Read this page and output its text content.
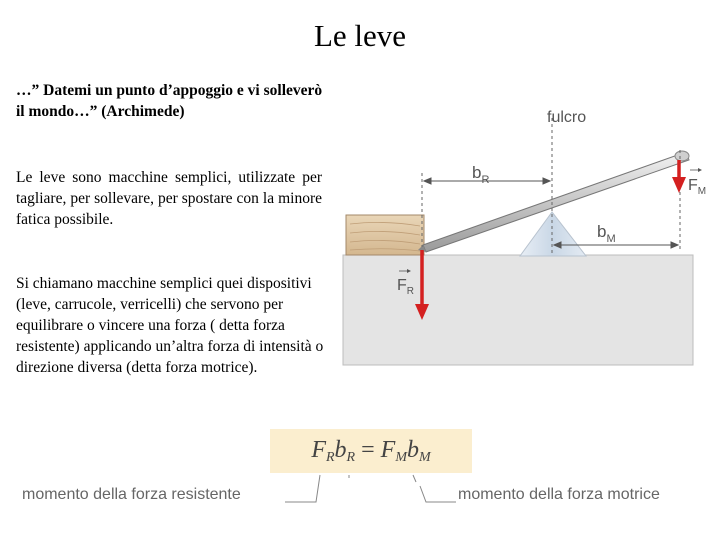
Le leve
…” Datemi un punto d’appoggio e vi solleverò il mondo…” (Archimede)
Le leve sono macchine semplici, utilizzate per tagliare, per sollevare, per spostare con la minore fatica possibile.
Si chiamano macchine semplici quei dispositivi (leve, carrucole, verricelli) che servono per equilibrare o vincere una forza ( detta forza resistente) applicando un’altra forza di intensità o direzione diversa (detta forza motrice).
fulcro
$b_R$
$b_M$
$F_R$
$F_M$
$F_Rb_R = F_Mb_M$
momento della forza resistente	momento della forza motrice
